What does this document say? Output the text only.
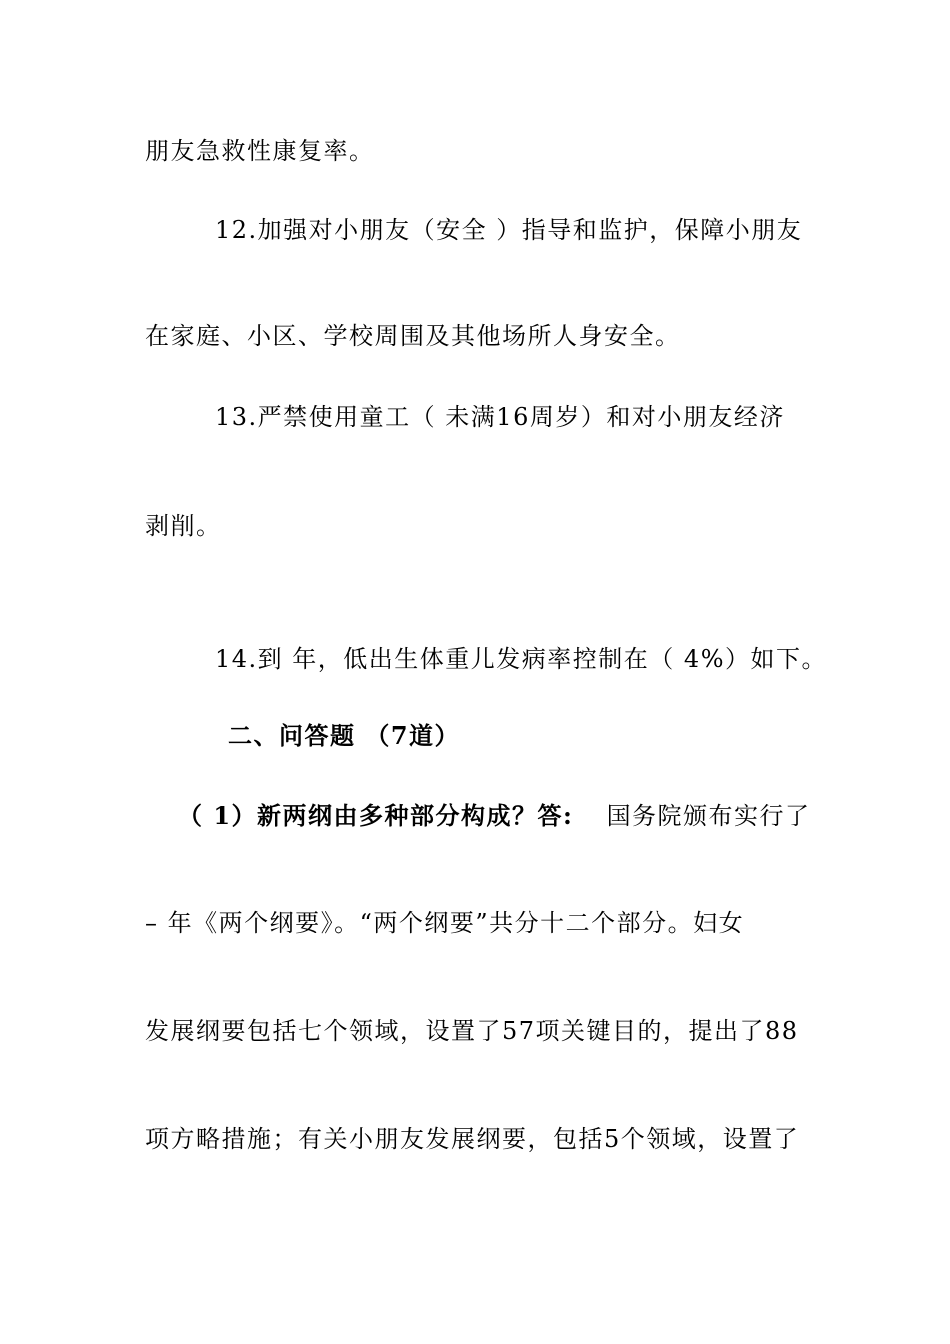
朋友急救性康复率。
12.加强对小朋友（安全 ）指导和监护，保障小朋友
在家庭、小区、学校周围及其他场所人身安全。
13.严禁使用童工（ 未满16周岁）和对小朋友经济
剥削。
14.到 年，低出生体重儿发病率控制在（ 4%）如下。
二、问答题 （7道）
（ 1）新两纲由多种部分构成？答: 国务院颁布实行了
– 年《两个纲要》。“两个纲要”共分十二个部分。妇女
发展纲要包括七个领域，设置了57项关键目的，提出了88
项方略措施；有关小朋友发展纲要，包括5个领域，设置了
